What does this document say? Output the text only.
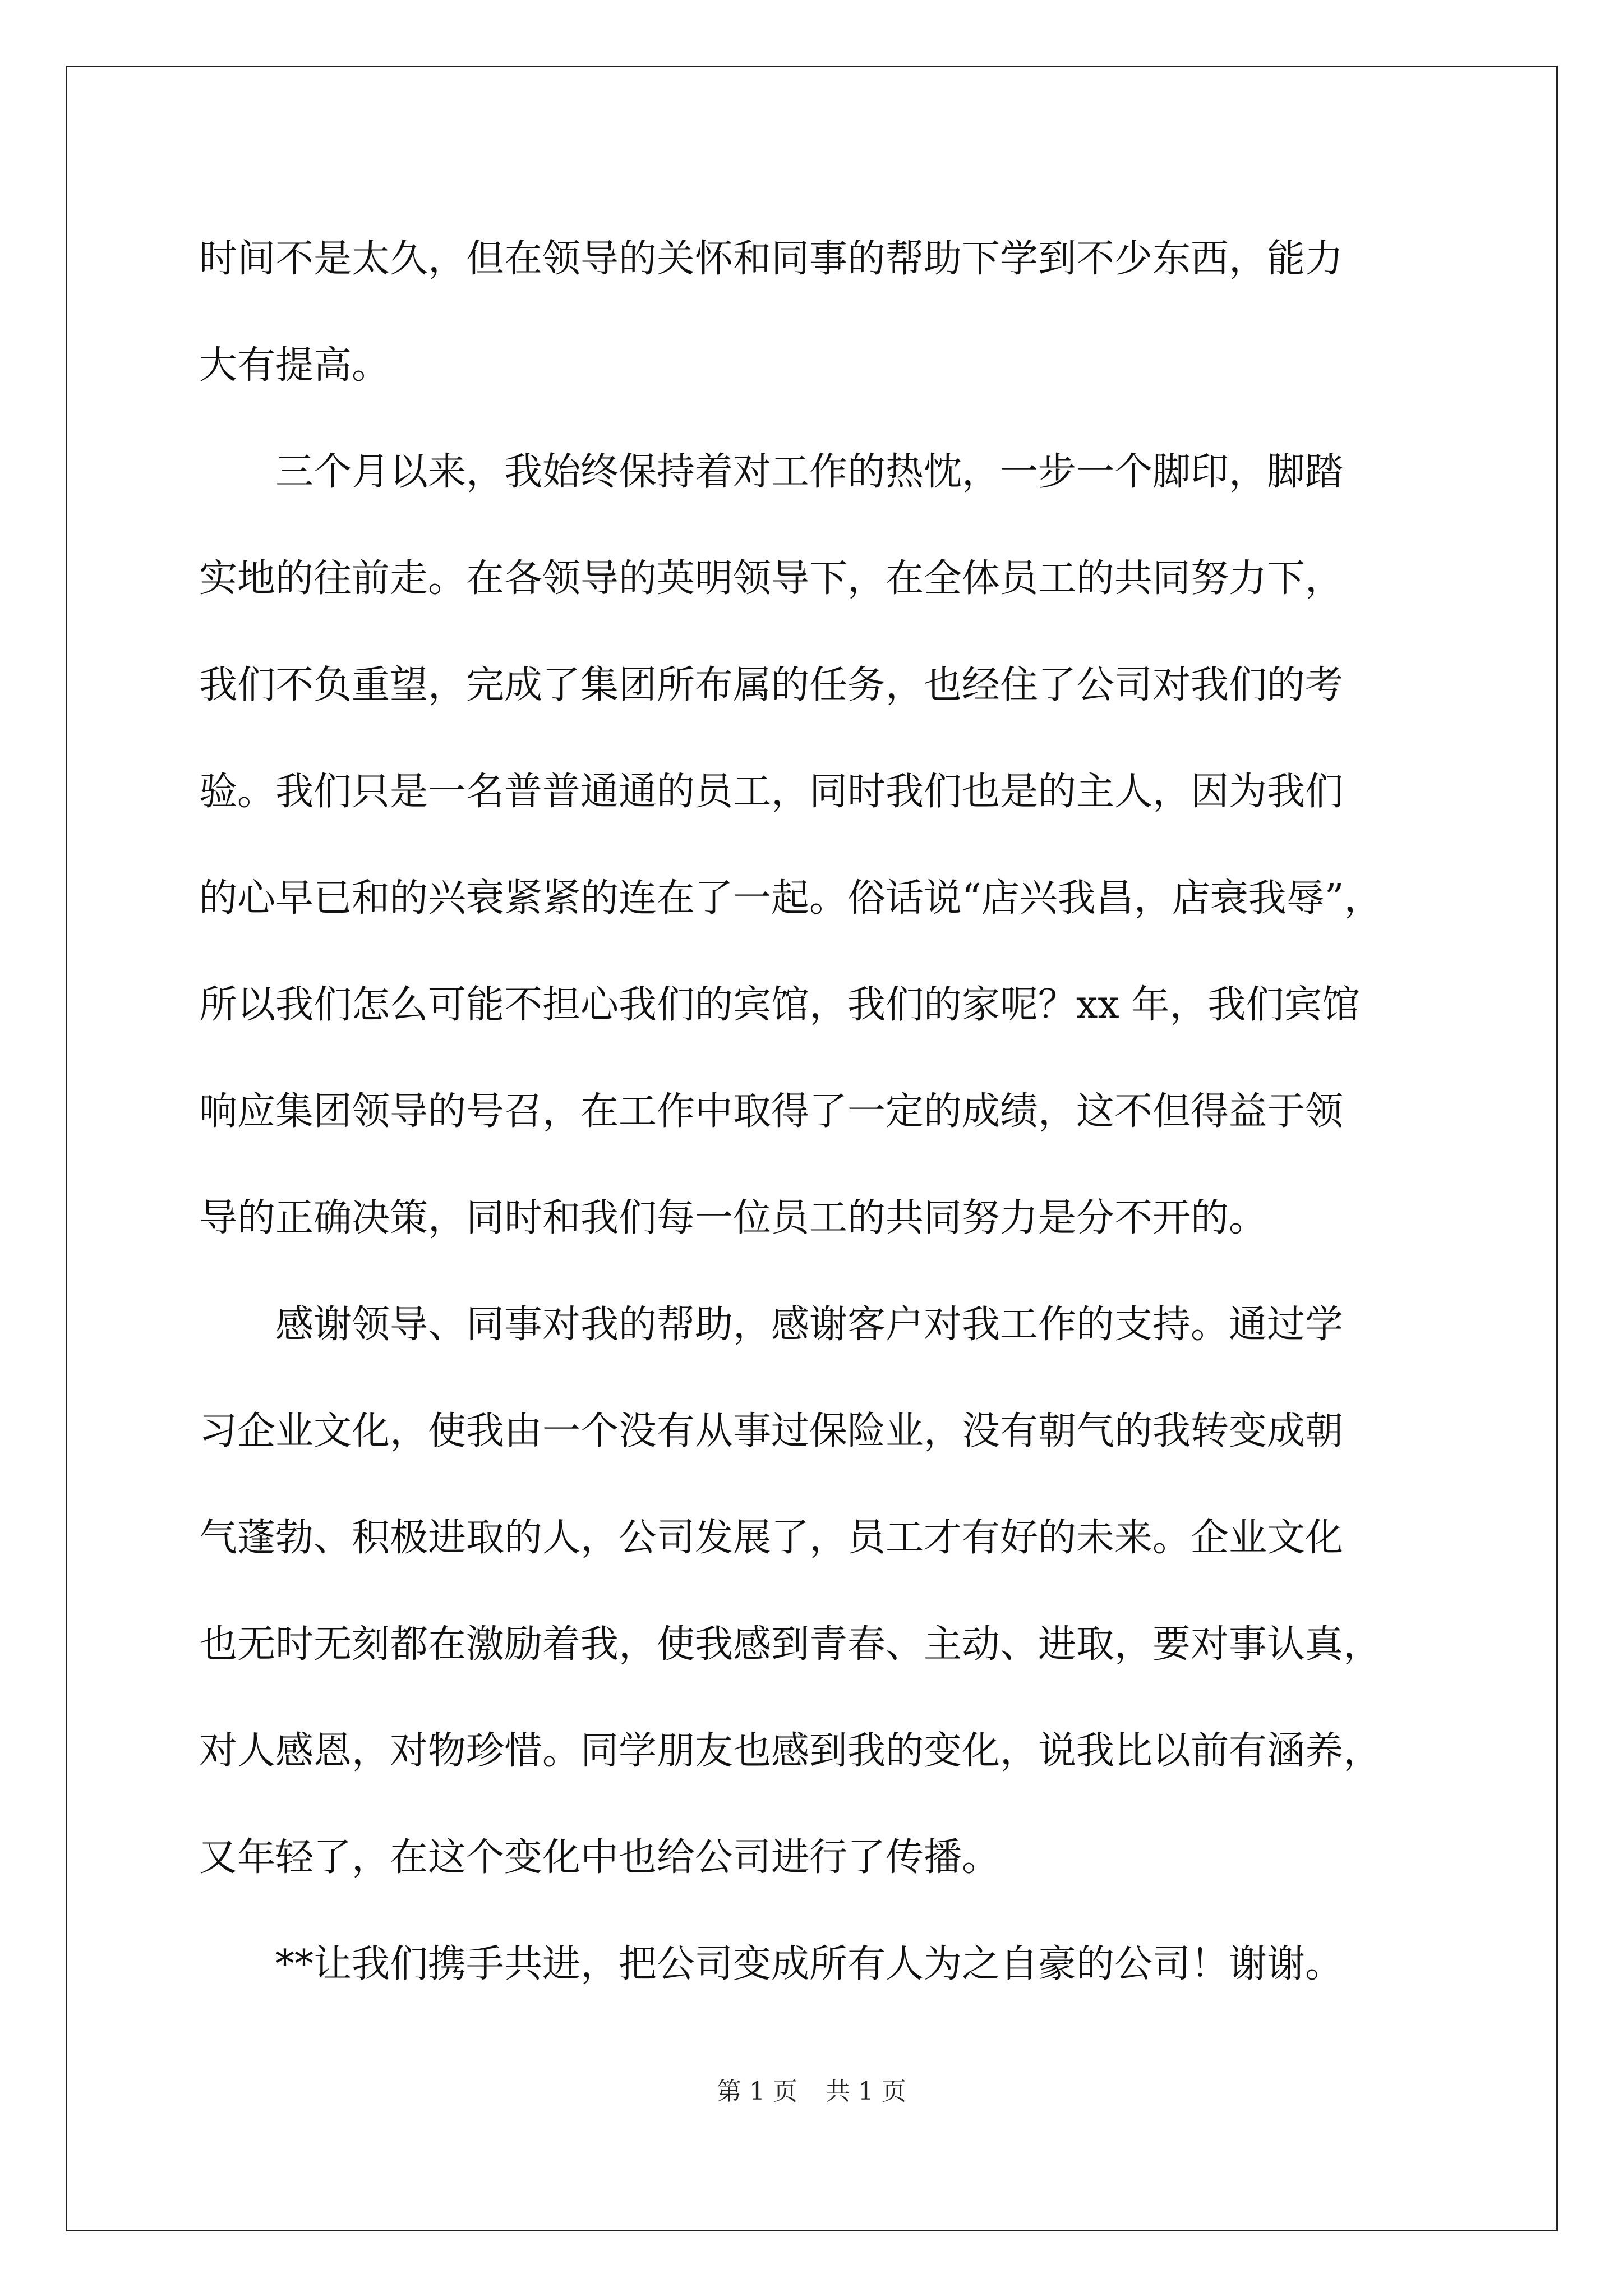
时间不是太久，但在领导的关怀和同事的帮助下学到不少东西，能力
大有提高。
　　三个月以来，我始终保持着对工作的热忱，一步一个脚印，脚踏
实地的往前走。在各领导的英明领导下，在全体员工的共同努力下，
我们不负重望，完成了集团所布属的任务，也经住了公司对我们的考
验。我们只是一名普普通通的员工，同时我们也是的主人，因为我们
的心早已和的兴衰紧紧的连在了一起。俗话说“店兴我昌，店衰我辱”，
所以我们怎么可能不担心我们的宾馆，我们的家呢？xx 年，我们宾馆
响应集团领导的号召，在工作中取得了一定的成绩，这不但得益于领
导的正确决策，同时和我们每一位员工的共同努力是分不开的。
　　感谢领导、同事对我的帮助，感谢客户对我工作的支持。通过学
习企业文化，使我由一个没有从事过保险业，没有朝气的我转变成朝
气蓬勃、积极进取的人，公司发展了，员工才有好的未来。企业文化
也无时无刻都在激励着我，使我感到青春、主动、进取，要对事认真，
对人感恩，对物珍惜。同学朋友也感到我的变化，说我比以前有涵养，
又年轻了，在这个变化中也给公司进行了传播。
　　**让我们携手共进，把公司变成所有人为之自豪的公司！谢谢。
第 1 页 共 1 页
